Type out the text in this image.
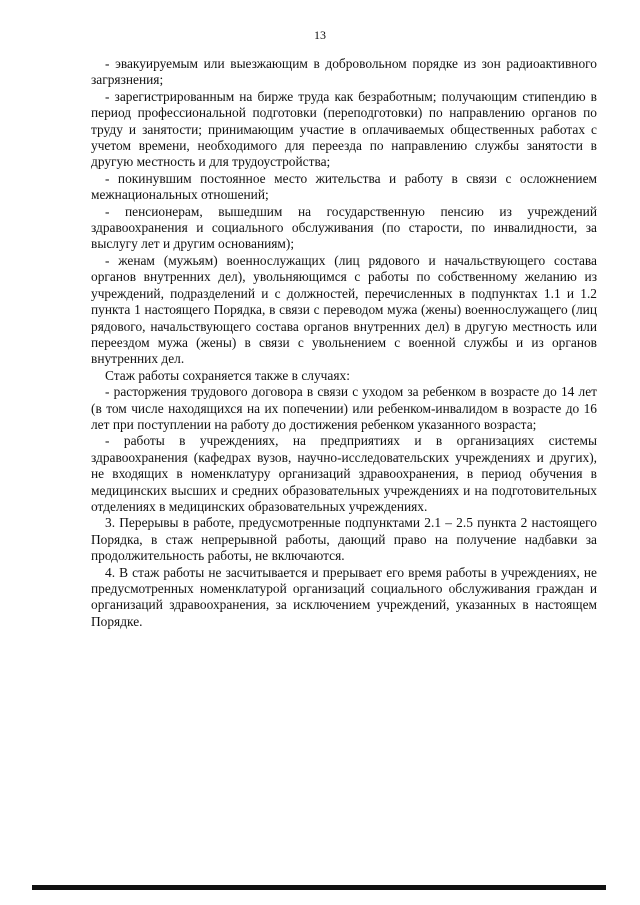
13

- эвакуируемым или выезжающим в добровольном порядке из зон радиоактивного загрязнения;

- зарегистрированным на бирже труда как безработным; получающим стипендию в период профессиональной подготовки (переподготовки) по направлению органов по труду и занятости; принимающим участие в оплачиваемых общественных работах с учетом времени, необходимого для переезда по направлению службы занятости в другую местность и для трудоустройства;

- покинувшим постоянное место жительства и работу в связи с осложнением межнациональных отношений;

- пенсионерам, вышедшим на государственную пенсию из учреждений здравоохранения и социального обслуживания (по старости, по инвалидности, за выслугу лет и другим основаниям);

- женам (мужьям) военнослужащих (лиц рядового и начальствующего состава органов внутренних дел), увольняющимся с работы по собственному желанию из учреждений, подразделений и с должностей, перечисленных в подпунктах 1.1 и 1.2 пункта 1 настоящего Порядка, в связи с переводом мужа (жены) военнослужащего (лиц рядового, начальствующего состава органов внутренних дел) в другую местность или переездом мужа (жены) в связи с увольнением с военной службы и из органов внутренних дел.

Стаж работы сохраняется также в случаях:

- расторжения трудового договора в связи с уходом за ребенком в возрасте до 14 лет (в том числе находящихся на их попечении) или ребенком-инвалидом в возрасте до 16 лет при поступлении на работу до достижения ребенком указанного возраста;

- работы в учреждениях, на предприятиях и в организациях системы здравоохранения (кафедрах вузов, научно-исследовательских учреждениях и других), не входящих в номенклатуру организаций здравоохранения, в период обучения в медицинских высших и средних образовательных учреждениях и на подготовительных отделениях в медицинских образовательных учреждениях.

3. Перерывы в работе, предусмотренные подпунктами 2.1 – 2.5 пункта 2 настоящего Порядка, в стаж непрерывной работы, дающий право на получение надбавки за продолжительность работы, не включаются.

4. В стаж работы не засчитывается и прерывает его время работы в учреждениях, не предусмотренных номенклатурой организаций социального обслуживания граждан и организаций здравоохранения, за исключением учреждений, указанных в настоящем Порядке.
